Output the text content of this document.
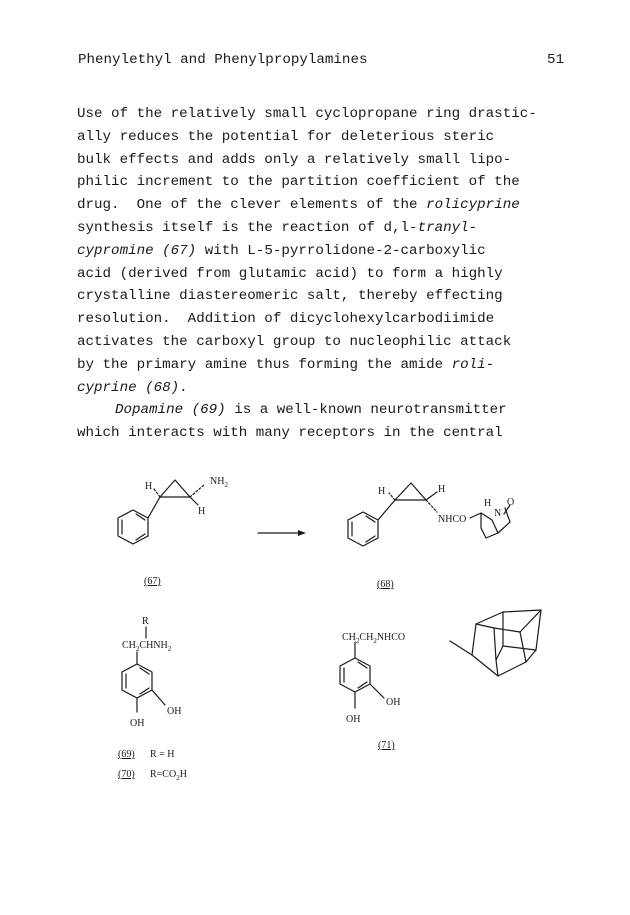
Phenylethyl and Phenylpropylamines	51
Use of the relatively small cyclopropane ring drastic-
ally reduces the potential for deleterious steric
bulk effects and adds only a relatively small lipo-
philic increment to the partition coefficient of the
drug.  One of the clever elements of the rolicyprine
synthesis itself is the reaction of d,l-tranyl-
cypromine (67) with L-5-pyrrolidone-2-carboxylic
acid (derived from glutamic acid) to form a highly
crystalline diastereomeric salt, thereby effecting
resolution.  Addition of dicyclohexylcarbodiimide
activates the carboxyl group to nucleophilic attack
by the primary amine thus forming the amide roli-
cyprine (68).
Dopamine (69) is a well-known neurotransmitter
which interacts with many receptors in the central
H	$NH_2$
H
(67)
H	H
H O
N
NHCO
(68)
R
$CH_2CHNH_2$
OH
OH
(69) R = H
(70) $R=CO_2H$
$CH_2CH_2NHCO$
OH
OH
(71)
